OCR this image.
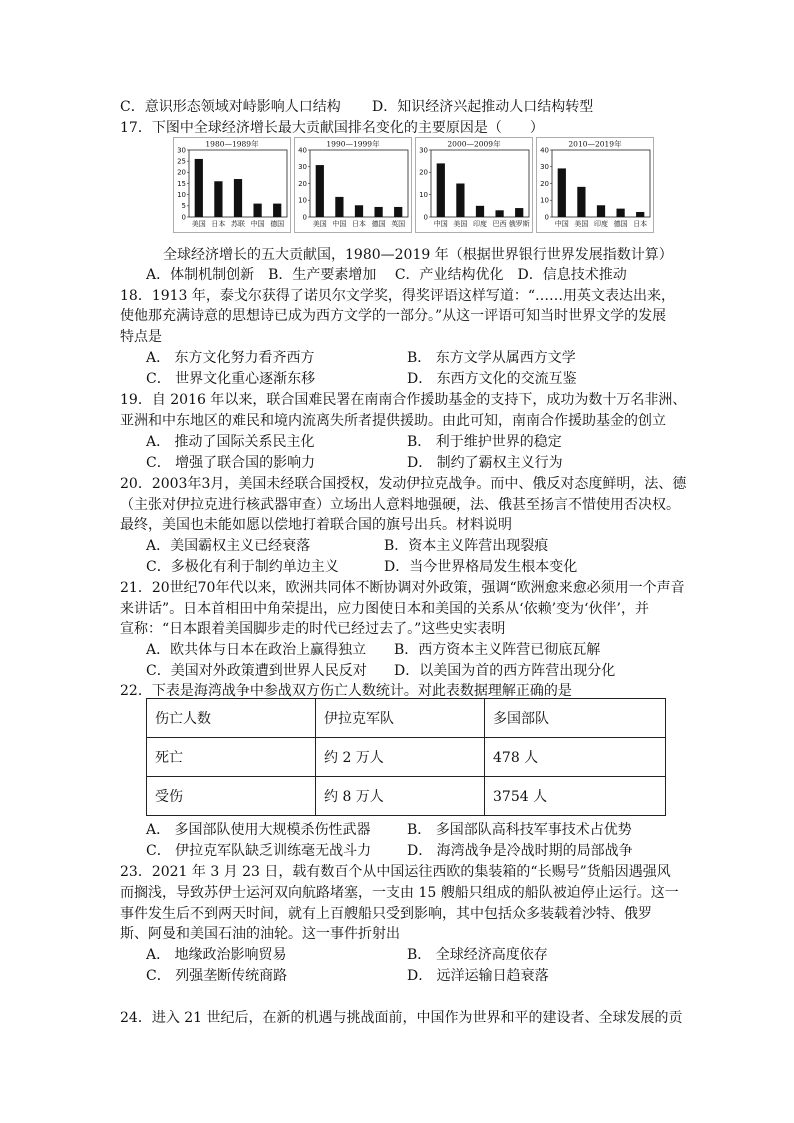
C．意识形态领域对峙影响人口结构 D．知识经济兴起推动人口结构转型
17．下图中全球经济增长最大贡献国排名变化的主要原因是（　　）
1980—1989年
0
5
10
15
20
25
30
美国 日本 苏联 中国 德国
1990—1999年
0
10
20
30
40
美国 中国 日本 德国 英国
2000—2009年
0
10
20
30
中国 美国 印度 巴西 俄罗斯
2010—2019年
0
10
20
30
40
中国 美国 印度 德国 日本
全球经济增长的五大贡献国，1980—2019 年（根据世界银行世界发展指数计算）
A．体制机制创新　B．生产要素增加　 C．产业结构优化　D．信息技术推动
18．1913 年，泰戈尔获得了诺贝尔文学奖，得奖评语这样写道：“……用英文表达出来，
使他那充满诗意的思想诗已成为西方文学的一部分。”从这一评语可知当时世界文学的发展
特点是
A． 东方文化努力看齐西方	B． 东方文学从属西方文学
C． 世界文化重心逐渐东移	D． 东西方文化的交流互鉴
19．自 2016 年以来，联合国难民署在南南合作援助基金的支持下，成功为数十万名非洲、
亚洲和中东地区的难民和境内流离失所者提供援助。由此可知，南南合作援助基金的创立
A． 推动了国际关系民主化	B． 利于维护世界的稳定
C． 增强了联合国的影响力	D． 制约了霸权主义行为
20．2003年3月，美国未经联合国授权，发动伊拉克战争。而中、俄反对态度鲜明，法、德
（主张对伊拉克进行核武器审查）立场出人意料地强硬，法、俄甚至扬言不惜使用否决权。
最终，美国也未能如愿以偿地打着联合国的旗号出兵。材料说明
A．美国霸权主义已经衰落	B．资本主义阵营出现裂痕
C．多极化有利于制约单边主义	D．当今世界格局发生根本变化
21．20世纪70年代以来，欧洲共同体不断协调对外政策，强调“欧洲愈来愈必须用一个声音
来讲话”。日本首相田中角荣提出，应力图使日本和美国的关系从‘依赖’变为‘伙伴’，并
宣称：“日本跟着美国脚步走的时代已经过去了。”这些史实表明
A．欧共体与日本在政治上赢得独立 B．西方资本主义阵营已彻底瓦解
C．美国对外政策遭到世界人民反对 D．以美国为首的西方阵营出现分化
22．下表是海湾战争中参战双方伤亡人数统计。对此表数据理解正确的是
伤亡人数	伊拉克军队	多国部队
死亡	约 2 万人	478 人
受伤	约 8 万人	3754 人
A． 多国部队使用大规模杀伤性武器	B． 多国部队高科技军事技术占优势
C． 伊拉克军队缺乏训练毫无战斗力	D． 海湾战争是冷战时期的局部战争
23．2021 年 3 月 23 日，载有数百个从中国运往西欧的集装箱的“长赐号”货船因遇强风
而搁浅，导致苏伊士运河双向航路堵塞，一支由 15 艘船只组成的船队被迫停止运行。这一
事件发生后不到两天时间，就有上百艘船只受到影响，其中包括众多装载着沙特、俄罗
斯、阿曼和美国石油的油轮。这一事件折射出
A． 地缘政治影响贸易	B． 全球经济高度依存
C． 列强垄断传统商路	D． 远洋运输日趋衰落
24．进入 21 世纪后，在新的机遇与挑战面前，中国作为世界和平的建设者、全球发展的贡
